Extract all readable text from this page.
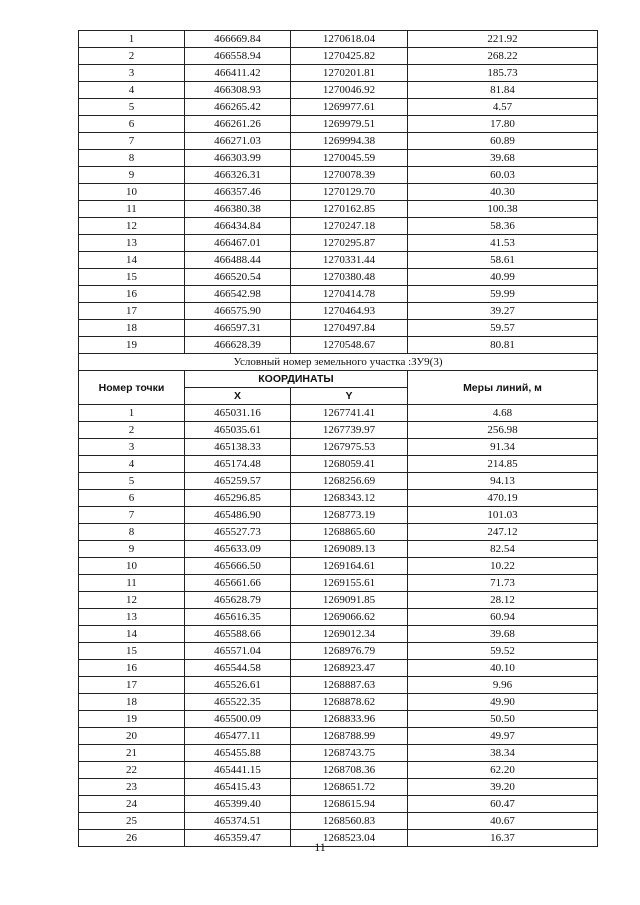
1	466669.84	1270618.04	221.92
2	466558.94	1270425.82	268.22
3	466411.42	1270201.81	185.73
4	466308.93	1270046.92	81.84
5	466265.42	1269977.61	4.57
6	466261.26	1269979.51	17.80
7	466271.03	1269994.38	60.89
8	466303.99	1270045.59	39.68
9	466326.31	1270078.39	60.03
10	466357.46	1270129.70	40.30
11	466380.38	1270162.85	100.38
12	466434.84	1270247.18	58.36
13	466467.01	1270295.87	41.53
14	466488.44	1270331.44	58.61
15	466520.54	1270380.48	40.99
16	466542.98	1270414.78	59.99
17	466575.90	1270464.93	39.27
18	466597.31	1270497.84	59.57
19	466628.39	1270548.67	80.81
Условный номер земельного участка :ЗУ9(3)			
Номер точки	КООРДИНАТЫ		Меры линий, м
	X	Y	
1	465031.16	1267741.41	4.68
2	465035.61	1267739.97	256.98
3	465138.33	1267975.53	91.34
4	465174.48	1268059.41	214.85
5	465259.57	1268256.69	94.13
6	465296.85	1268343.12	470.19
7	465486.90	1268773.19	101.03
8	465527.73	1268865.60	247.12
9	465633.09	1269089.13	82.54
10	465666.50	1269164.61	10.22
11	465661.66	1269155.61	71.73
12	465628.79	1269091.85	28.12
13	465616.35	1269066.62	60.94
14	465588.66	1269012.34	39.68
15	465571.04	1268976.79	59.52
16	465544.58	1268923.47	40.10
17	465526.61	1268887.63	9.96
18	465522.35	1268878.62	49.90
19	465500.09	1268833.96	50.50
20	465477.11	1268788.99	49.97
21	465455.88	1268743.75	38.34
22	465441.15	1268708.36	62.20
23	465415.43	1268651.72	39.20
24	465399.40	1268615.94	60.47
25	465374.51	1268560.83	40.67
26	465359.47	1268523.04	16.37
11
